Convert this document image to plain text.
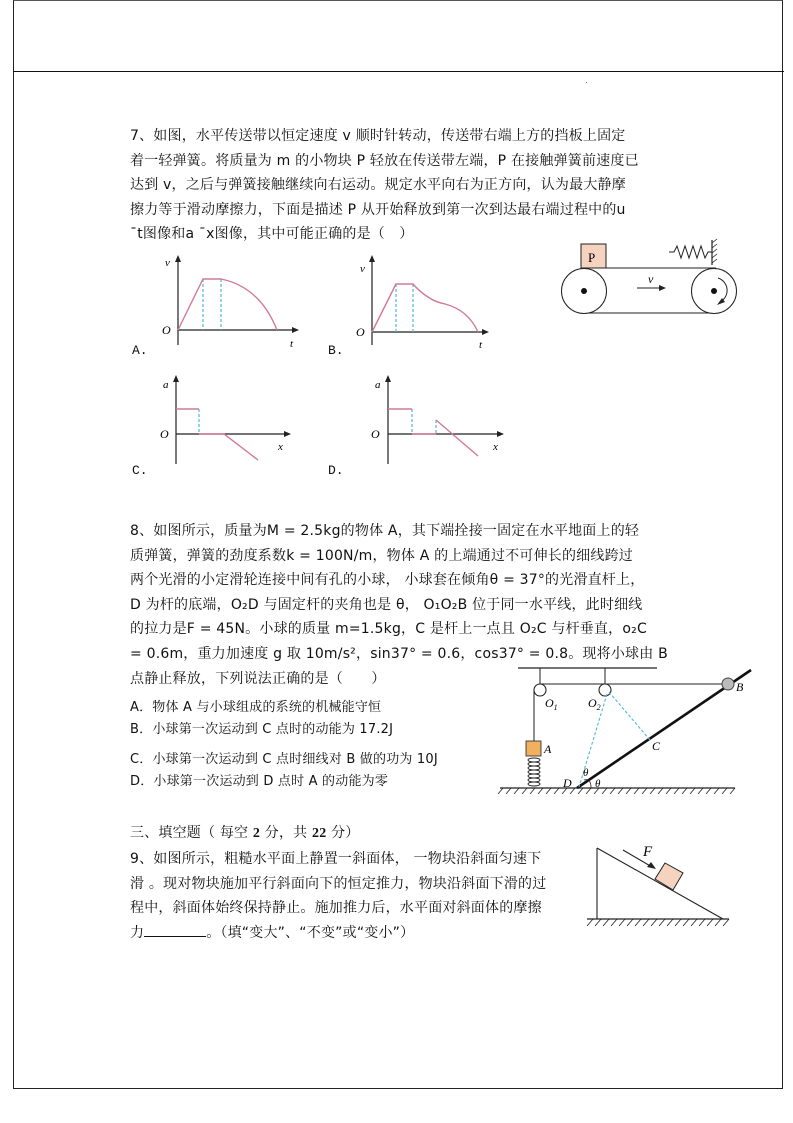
7、如图，水平传送带以恒定速度 v 顺时针转动，传送带右端上方的挡板上固定
着一轻弹簧。将质量为 m 的小物块 P 轻放在传送带左端，P 在接触弹簧前速度已
达到 v，之后与弹簧接触继续向右运动。规定水平向右为正方向，认为最大静摩
擦力等于滑动摩擦力，下面是描述 P 从开始释放到第一次到达最右端过程中的u
¯t图像和a ¯x图像，其中可能正确的是（　）
v
O
t
A.
v
O
t
B.
a
O
x
C.
a
O
x
D.
P
v
8、如图所示，质量为M = 2.5kg的物体 A，其下端拴接一固定在水平地面上的轻
质弹簧，弹簧的劲度系数k = 100N/m，物体 A 的上端通过不可伸长的细线跨过
两个光滑的小定滑轮连接中间有孔的小球， 小球套在倾角θ = 37°的光滑直杆上，
D 为杆的底端，O₂D 与固定杆的夹角也是 θ， O₁O₂B 位于同一水平线，此时细线
的拉力是F = 45N。小球的质量 m=1.5kg，C 是杆上一点且 O₂C 与杆垂直，o₂C
= 0.6m，重力加速度 g 取 10m/s²，sin37° = 0.6，cos37° = 0.8。现将小球由 B
点静止释放，下列说法正确的是（　　）
A．物体 A 与小球组成的系统的机械能守恒
B．小球第一次运动到 C 点时的动能为 17.2J
C．小球第一次运动到 C 点时细线对 B 做的功为 10J
D．小球第一次运动到 D 点时 A 的动能为零
$O_1$	$O_2$
A
B
C
D
θ
θ
三、填空题（ 每空 2 分，共 22 分）
9、如图所示，粗糙水平面上静置一斜面体， 一物块沿斜面匀速下
滑 。现对物块施加平行斜面向下的恒定推力，物块沿斜面下滑的过
程中，斜面体始终保持静止。施加推力后，水平面对斜面体的摩擦
力	。（填“变大”、“不变”或“变小”）
F
